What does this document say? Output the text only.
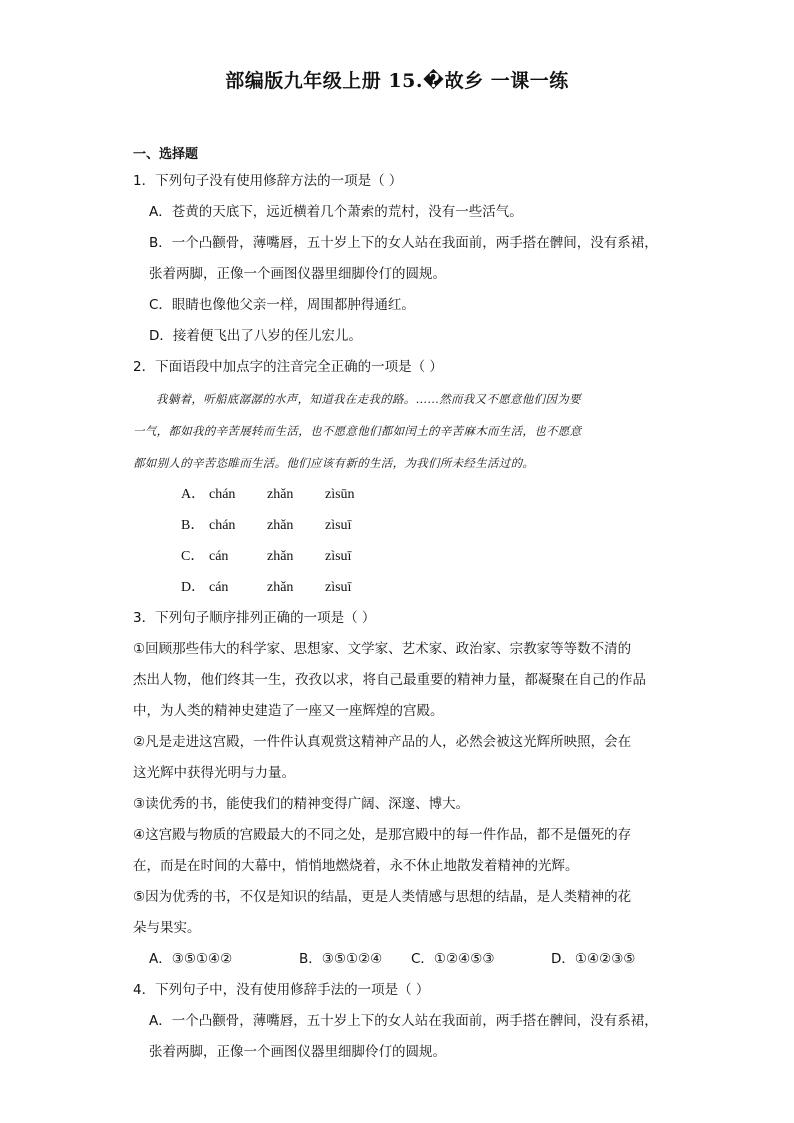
部编版九年级上册 15.�故乡 一课一练
一、选择题
1．下列句子没有使用修辞方法的一项是（ ）
A．苍黄的天底下，远近横着几个萧索的荒村，没有一些活气。
B．一个凸颧骨，薄嘴唇，五十岁上下的女人站在我面前，两手搭在髀间，没有系裙，
张着两脚，正像一个画图仪器里细脚伶仃的圆规。
C．眼睛也像他父亲一样，周围都肿得通红。
D．接着便飞出了八岁的侄儿宏儿。
2．下面语段中加点字的注音完全正确的一项是（ ）
我躺着，听船底潺潺的水声，知道我在走我的路。……然而我又不愿意他们因为要
一气，都如我的辛苦展转而生活，也不愿意他们都如闰土的辛苦麻木而生活，也不愿意
都如别人的辛苦恣睢而生活。他们应该有新的生活，为我们所未经生活过的。
A． chán zhǎn zìsūn
B． chán zhǎn zìsuī
C． cán	zhǎn zìsuī
D． cán	zhǎn zìsuī
3．下列句子顺序排列正确的一项是（ ）
①回顾那些伟大的科学家、思想家、文学家、艺术家、政治家、宗教家等等数不清的
杰出人物，他们终其一生，孜孜以求，将自己最重要的精神力量，都凝聚在自己的作品
中，为人类的精神史建造了一座又一座辉煌的宫殿。
②凡是走进这宫殿，一件件认真观赏这精神产品的人，必然会被这光辉所映照，会在
这光辉中获得光明与力量。
③读优秀的书，能使我们的精神变得广阔、深邃、博大。
④这宫殿与物质的宫殿最大的不同之处，是那宫殿中的每一件作品，都不是僵死的存
在，而是在时间的大幕中，悄悄地燃烧着，永不休止地散发着精神的光辉。
⑤因为优秀的书，不仅是知识的结晶，更是人类情感与思想的结晶，是人类精神的花
朵与果实。
A．③⑤①④②	B．③⑤①②④ C．①②④⑤③	D．①④②③⑤
4．下列句子中，没有使用修辞手法的一项是（ ）
A．一个凸颧骨，薄嘴唇，五十岁上下的女人站在我面前，两手搭在髀间，没有系裙，
张着两脚，正像一个画图仪器里细脚伶仃的圆规。
